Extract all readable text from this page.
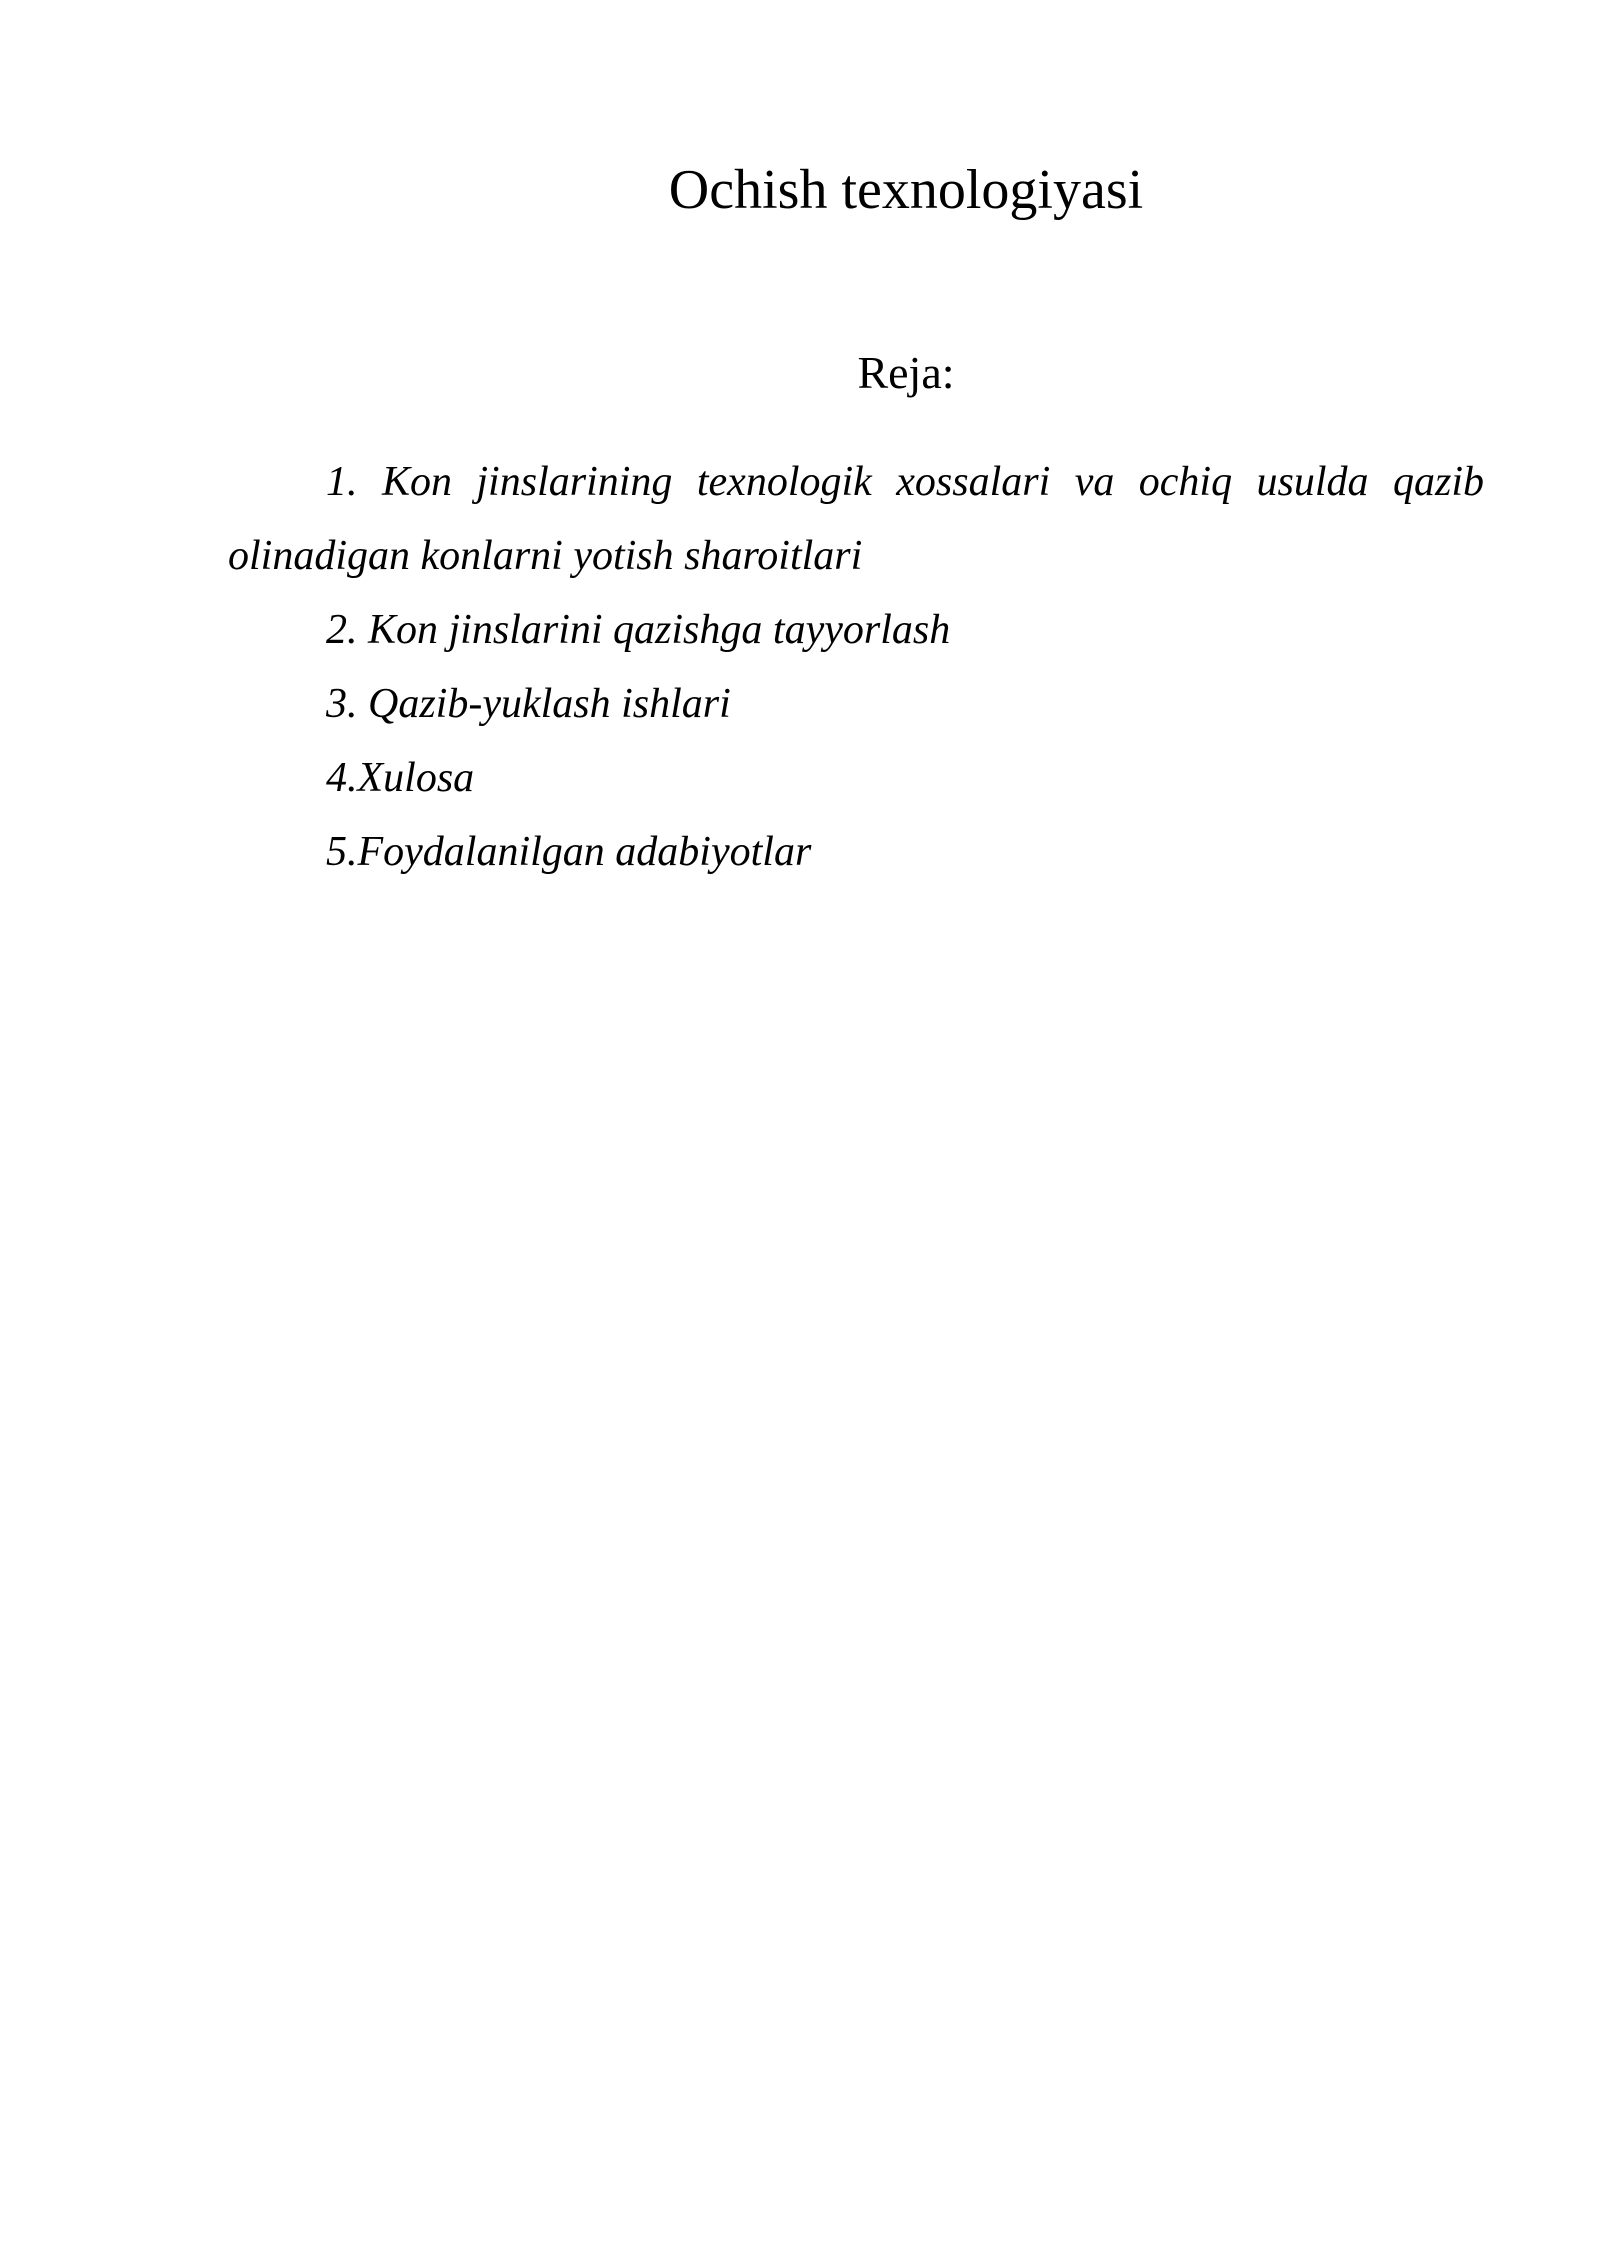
Ochish texnologiyasi
Reja:
1. Kon jinslarining texnologik xossalari va ochiq usulda qazib olinadigan konlarni yotish sharoitlari
2. Kon jinslarini qazishga tayyorlash
3. Qazib-yuklash ishlari
4.Xulosa
5.Foydalanilgan adabiyotlar
